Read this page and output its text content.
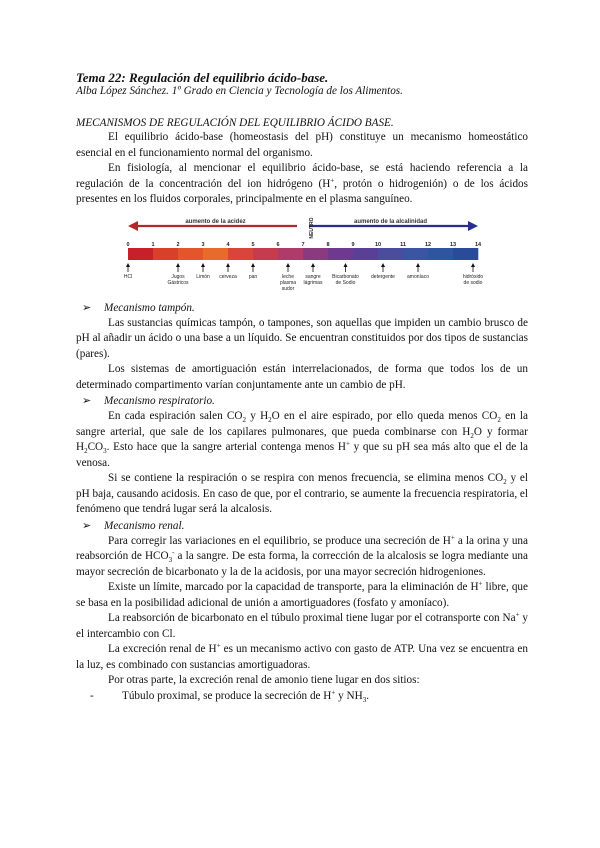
Tema 22: Regulación del equilibrio ácido-base.
Alba López Sánchez. 1º Grado en Ciencia y Tecnología de los Alimentos.
MECANISMOS DE REGULACIÓN DEL EQUILIBRIO ÁCIDO BASE.

El equilibrio ácido-base (homeostasis del pH) constituye un mecanismo homeostático esencial en el funcionamiento normal del organismo.

En fisiología, al mencionar el equilibrio ácido-base, se está haciendo referencia a la regulación de la concentración del ion hidrógeno (H+, protón o hidrogenión) o de los ácidos presentes en los fluidos corporales, principalmente en el plasma sanguíneo.

aumento de la acidez	aumento de la alcalinidad
NEUTRO
0	1	2	3	4	5	6	7	8	9	10	11	12	13	14
HCl	Jugos
Gástricos
Limón cerveza pan	leche
plasma
sudor
sangre
lágrimas
Bicarbonato
de Sodio
detergente amoníaco	hidróxido
de sodio
➢ Mecanismo tampón.

Las sustancias químicas tampón, o tampones, son aquellas que impiden un cambio brusco de pH al añadir un ácido o una base a un líquido. Se encuentran constituidos por dos tipos de sustancias (pares).

Los sistemas de amortiguación están interrelacionados, de forma que todos los de un determinado compartimento varían conjuntamente ante un cambio de pH.

➢ Mecanismo respiratorio.

En cada espiración salen $CO_2$ y $H_2O$ en el aire espirado, por ello queda menos $CO_2$ en la sangre arterial, que sale de los capilares pulmonares, que pueda combinarse con $H_2O$ y formar $H_2CO_3$. Esto hace que la sangre arterial contenga menos H+ y que su pH sea más alto que el de la venosa.

Si se contiene la respiración o se respira con menos frecuencia, se elimina menos $CO_2$ y el pH baja, causando acidosis. En caso de que, por el contrario, se aumente la frecuencia respiratoria, el fenómeno que tendrá lugar será la alcalosis.

➢ Mecanismo renal.

Para corregir las variaciones en el equilibrio, se produce una secreción de H+ a la orina y una reabsorción de $HCO_3^-$ a la sangre. De esta forma, la corrección de la alcalosis se logra mediante una mayor secreción de bicarbonato y la de la acidosis, por una mayor secreción hidrogeniones.

Existe un límite, marcado por la capacidad de transporte, para la eliminación de H+ libre, que se basa en la posibilidad adicional de unión a amortiguadores (fosfato y amoníaco).

La reabsorción de bicarbonato en el túbulo proximal tiene lugar por el cotransporte con Na+ y el intercambio con Cl.

La excreción renal de H+ es un mecanismo activo con gasto de ATP. Una vez se encuentra en la luz, es combinado con sustancias amortiguadoras.

Por otras parte, la excreción renal de amonio tiene lugar en dos sitios:

-	Túbulo proximal, se produce la secreción de H+ y $NH_3$.
